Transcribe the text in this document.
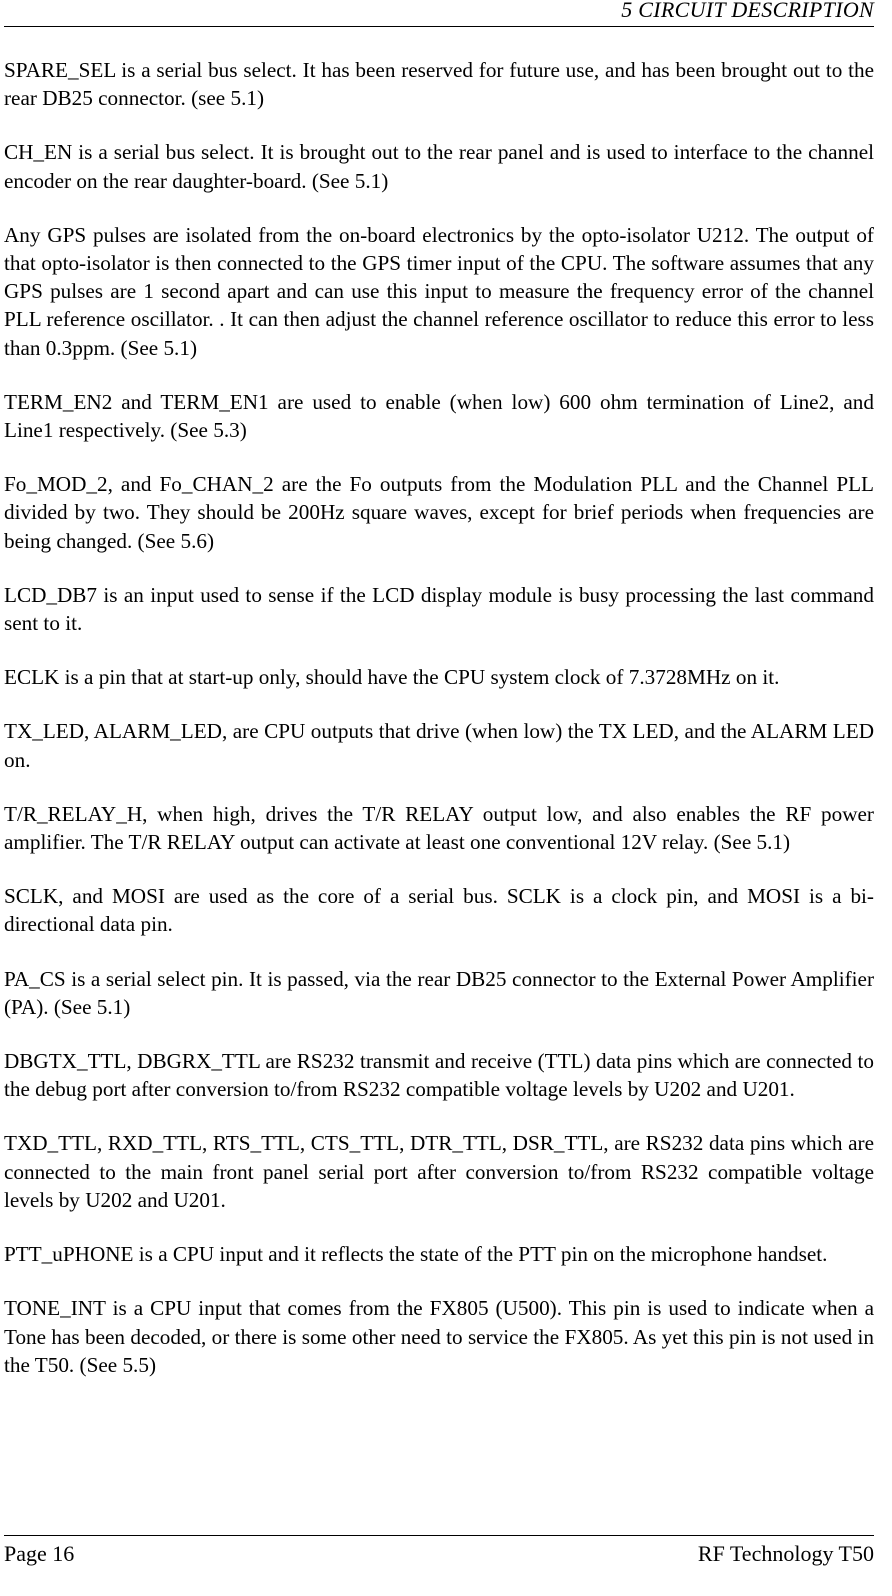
5 CIRCUIT DESCRIPTION

SPARE_SEL is a serial bus select. It has been reserved for future use, and has been brought out to the rear DB25 connector. (see 5.1)

CH_EN is a serial bus select. It is brought out to the rear panel and is used to interface to the channel encoder on the rear daughter-board. (See 5.1)

Any GPS pulses are isolated from the on-board electronics by the opto-isolator U212. The output of that opto-isolator is then connected to the GPS timer input of the CPU. The software assumes that any GPS pulses are 1 second apart and can use this input to measure the frequency error of the channel PLL reference oscillator. . It can then adjust the channel reference oscillator to reduce this error to less than 0.3ppm. (See 5.1)

TERM_EN2 and TERM_EN1 are used to enable (when low) 600 ohm termination of Line2, and Line1 respectively. (See 5.3)

Fo_MOD_2, and Fo_CHAN_2 are the Fo outputs from the Modulation PLL and the Channel PLL divided by two. They should be 200Hz square waves, except for brief periods when frequencies are being changed. (See 5.6)

LCD_DB7 is an input used to sense if the LCD display module is busy processing the last command sent to it.

ECLK is a pin that at start-up only, should have the CPU system clock of 7.3728MHz on it.

TX_LED, ALARM_LED, are CPU outputs that drive (when low) the TX LED, and the ALARM LED on.

T/R_RELAY_H, when high, drives the T/R RELAY output low, and also enables the RF power amplifier. The T/R RELAY output can activate at least one conventional 12V relay. (See 5.1)

SCLK, and MOSI are used as the core of a serial bus. SCLK is a clock pin, and MOSI is a bi-directional data pin.

PA_CS is a serial select pin. It is passed, via the rear DB25 connector to the External Power Amplifier (PA). (See 5.1)

DBGTX_TTL, DBGRX_TTL are RS232 transmit and receive (TTL) data pins which are connected to the debug port after conversion to/from RS232 compatible voltage levels by U202 and U201.

TXD_TTL, RXD_TTL, RTS_TTL, CTS_TTL, DTR_TTL, DSR_TTL, are RS232 data pins which are connected to the main front panel serial port after conversion to/from RS232 compatible voltage levels by U202 and U201.

PTT_uPHONE is a CPU input and it reflects the state of the PTT pin on the microphone handset.

TONE_INT is a CPU input that comes from the FX805 (U500). This pin is used to indicate when a Tone has been decoded, or there is some other need to service the FX805. As yet this pin is not used in the T50. (See 5.5)

Page 16	RF Technology T50
